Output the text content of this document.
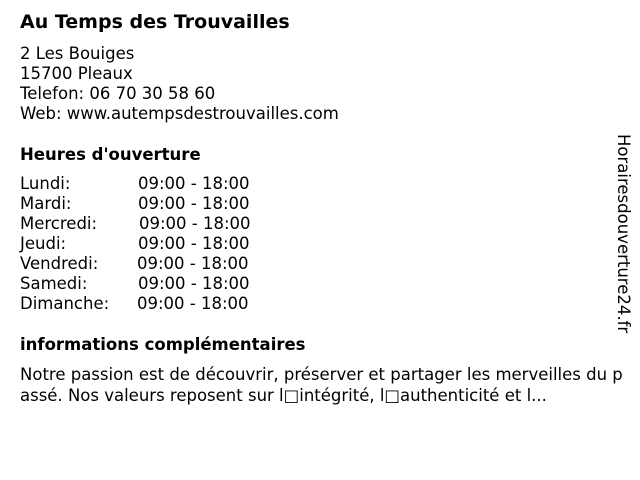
Au Temps des Trouvailles
2 Les Bouiges
15700 Pleaux
Telefon: 06 70 30 58 60
Web: www.autempsdestrouvailles.com
Heures d'ouverture
Lundi:	09:00 - 18:00
Mardi:	09:00 - 18:00
Mercredi:	09:00 - 18:00
Jeudi:	09:00 - 18:00
Vendredi: 09:00 - 18:00
Samedi:	09:00 - 18:00
Dimanche: 09:00 - 18:00
informations complémentaires
Notre passion est de découvrir, préserver et partager les merveilles du passé. Nos valeurs reposent sur l□intégrité, l□authenticité et l...
Horairesdouverture24.fr
